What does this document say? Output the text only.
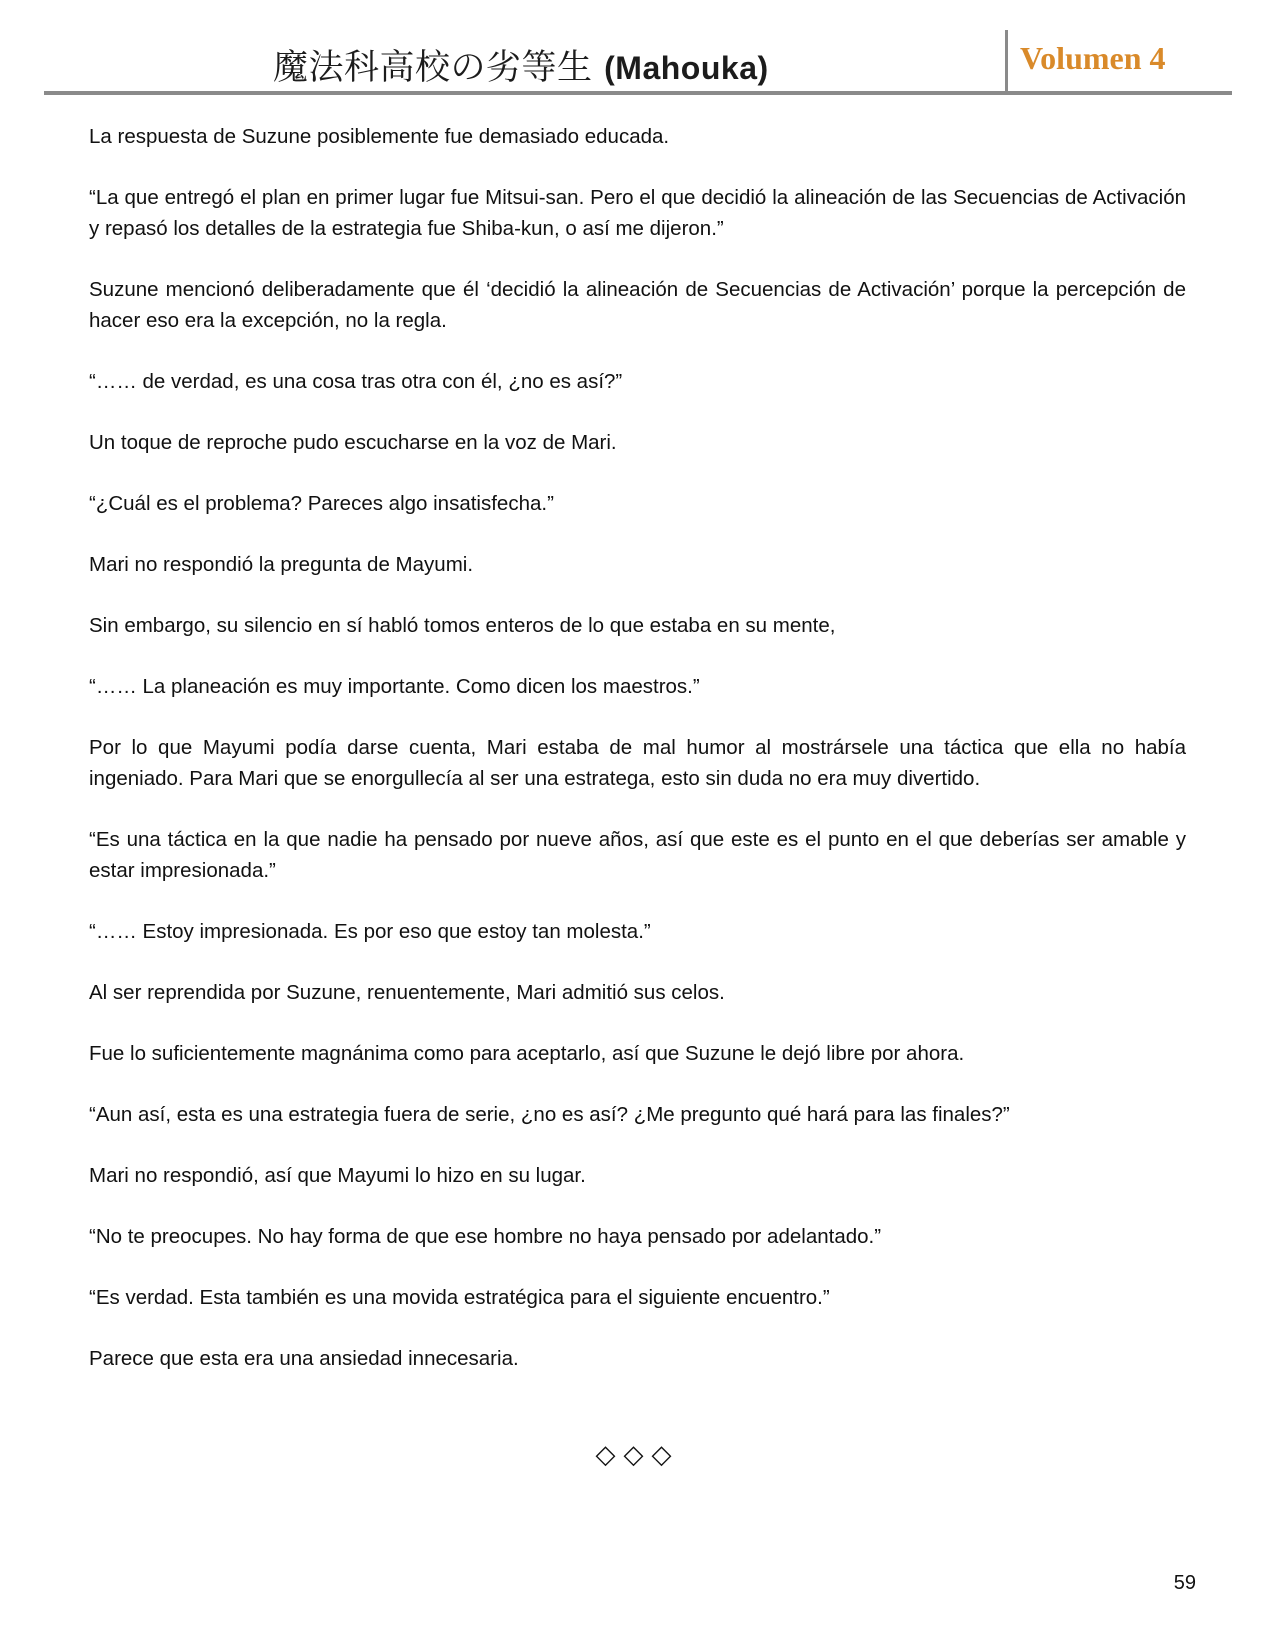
魔法科高校の劣等生 (Mahouka)	Volumen 4

La respuesta de Suzune posiblemente fue demasiado educada.

“La que entregó el plan en primer lugar fue Mitsui-san. Pero el que decidió la alineación de las Secuencias de Activación y repasó los detalles de la estrategia fue Shiba-kun, o así me dijeron.”

Suzune mencionó deliberadamente que él ‘decidió la alineación de Secuencias de Activación’ porque la percepción de hacer eso era la excepción, no la regla.

“…… de verdad, es una cosa tras otra con él, ¿no es así?”

Un toque de reproche pudo escucharse en la voz de Mari.

“¿Cuál es el problema? Pareces algo insatisfecha.”

Mari no respondió la pregunta de Mayumi.

Sin embargo, su silencio en sí habló tomos enteros de lo que estaba en su mente,

“…… La planeación es muy importante. Como dicen los maestros.”

Por lo que Mayumi podía darse cuenta, Mari estaba de mal humor al mostrársele una táctica que ella no había ingeniado. Para Mari que se enorgullecía al ser una estratega, esto sin duda no era muy divertido.

“Es una táctica en la que nadie ha pensado por nueve años, así que este es el punto en el que deberías ser amable y estar impresionada.”

“…… Estoy impresionada. Es por eso que estoy tan molesta.”

Al ser reprendida por Suzune, renuentemente, Mari admitió sus celos.

Fue lo suficientemente magnánima como para aceptarlo, así que Suzune le dejó libre por ahora.

“Aun así, esta es una estrategia fuera de serie, ¿no es así? ¿Me pregunto qué hará para las finales?”

Mari no respondió, así que Mayumi lo hizo en su lugar.

“No te preocupes. No hay forma de que ese hombre no haya pensado por adelantado.”

“Es verdad. Esta también es una movida estratégica para el siguiente encuentro.”

Parece que esta era una ansiedad innecesaria.

◇◇◇
59
